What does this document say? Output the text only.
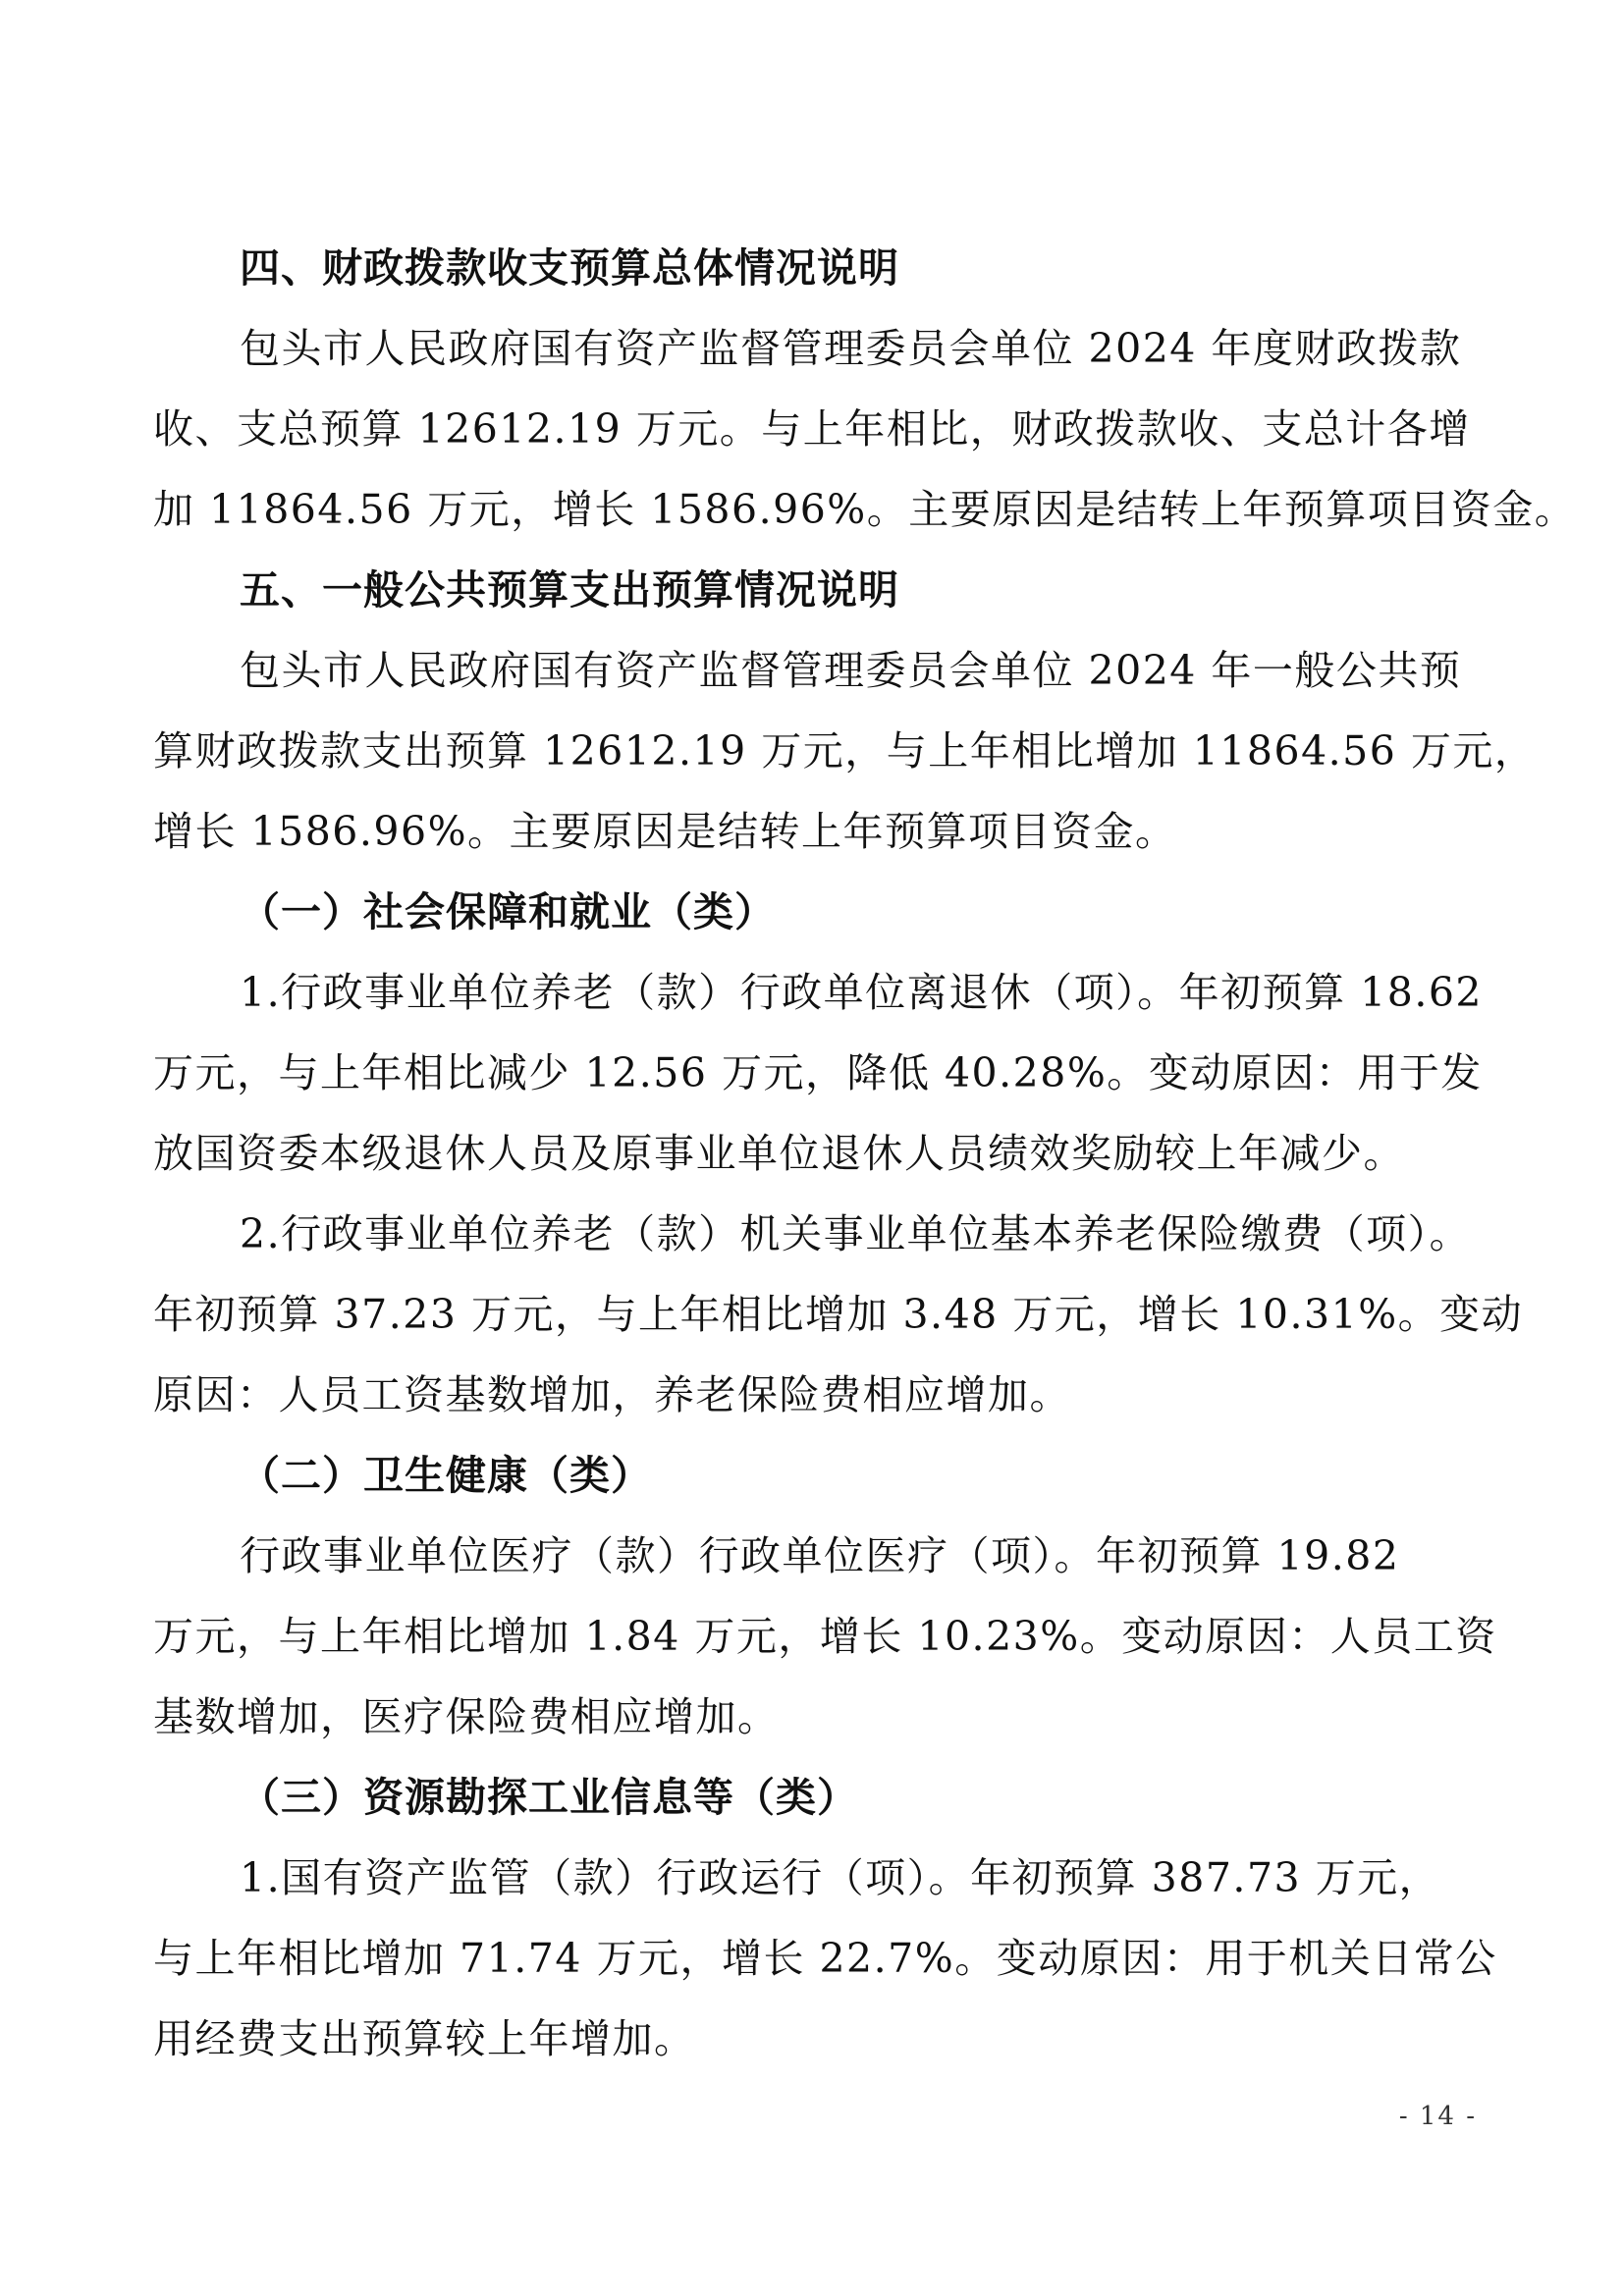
四、财政拨款收支预算总体情况说明

包头市人民政府国有资产监督管理委员会单位 2024 年度财政拨款
收、支总预算 12612.19 万元。与上年相比，财政拨款收、支总计各增
加 11864.56 万元，增长 1586.96%。主要原因是结转上年预算项目资金。

五、一般公共预算支出预算情况说明

包头市人民政府国有资产监督管理委员会单位 2024 年一般公共预
算财政拨款支出预算 12612.19 万元，与上年相比增加 11864.56 万元，
增长 1586.96%。主要原因是结转上年预算项目资金。

（一）社会保障和就业（类）

1.行政事业单位养老（款）行政单位离退休（项）。年初预算 18.62
万元，与上年相比减少 12.56 万元，降低 40.28%。变动原因：用于发
放国资委本级退休人员及原事业单位退休人员绩效奖励较上年减少。

2.行政事业单位养老（款）机关事业单位基本养老保险缴费（项）。
年初预算 37.23 万元，与上年相比增加 3.48 万元，增长 10.31%。变动
原因：人员工资基数增加，养老保险费相应增加。

（二）卫生健康（类）

行政事业单位医疗（款）行政单位医疗（项）。年初预算 19.82
万元，与上年相比增加 1.84 万元，增长 10.23%。变动原因：人员工资
基数增加，医疗保险费相应增加。

（三）资源勘探工业信息等（类）

1.国有资产监管（款）行政运行（项）。年初预算 387.73 万元，
与上年相比增加 71.74 万元，增长 22.7%。变动原因：用于机关日常公
用经费支出预算较上年增加。

- 14 -
